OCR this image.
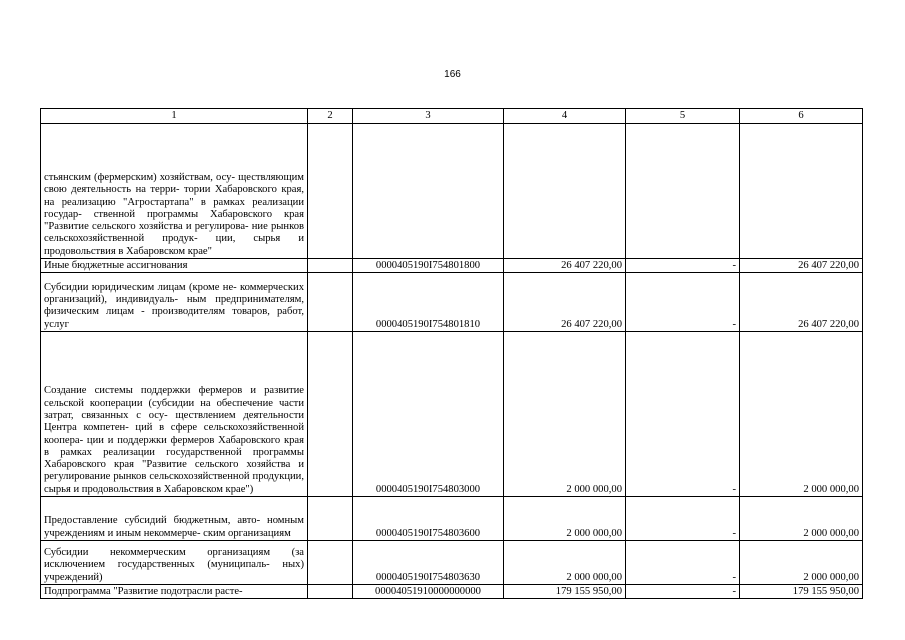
166
1	2	3	4	5	6
стьянским (фермерским) хозяйствам, осу- ществляющим свою деятельность на терри- тории Хабаровского края, на реализацию "Агростартапа" в рамках реализации государ- ственной программы Хабаровского края "Развитие сельского хозяйства и регулирова- ние рынков сельскохозяйственной продук- ции, сырья и продовольствия в Хабаровском крае"					
Иные бюджетные ассигнования		0000405190I754801800	26 407 220,00	-	26 407 220,00
Субсидии юридическим лицам (кроме не- коммерческих организаций), индивидуаль- ным предпринимателям, физическим лицам - производителям товаров, работ, услуг		0000405190I754801810	26 407 220,00	-	26 407 220,00
Создание системы поддержки фермеров и развитие сельской кооперации (субсидии на обеспечение части затрат, связанных с осу- ществлением деятельности Центра компетен- ций в сфере сельскохозяйственной коопера- ции и поддержки фермеров Хабаровского края в рамках реализации государственной программы Хабаровского края "Развитие сельского хозяйства и регулирование рынков сельскохозяйственной продукции, сырья и продовольствия в Хабаровском крае")		0000405190I754803000	2 000 000,00	-	2 000 000,00
Предоставление субсидий бюджетным, авто- номным учреждениям и иным некоммерче- ским организациям		0000405190I754803600	2 000 000,00	-	2 000 000,00
Субсидии некоммерческим организациям (за исключением государственных (муниципаль- ных) учреждений)		0000405190I754803630	2 000 000,00	-	2 000 000,00
Подпрограмма "Развитие подотрасли расте-		00004051910000000000	179 155 950,00	-	179 155 950,00
